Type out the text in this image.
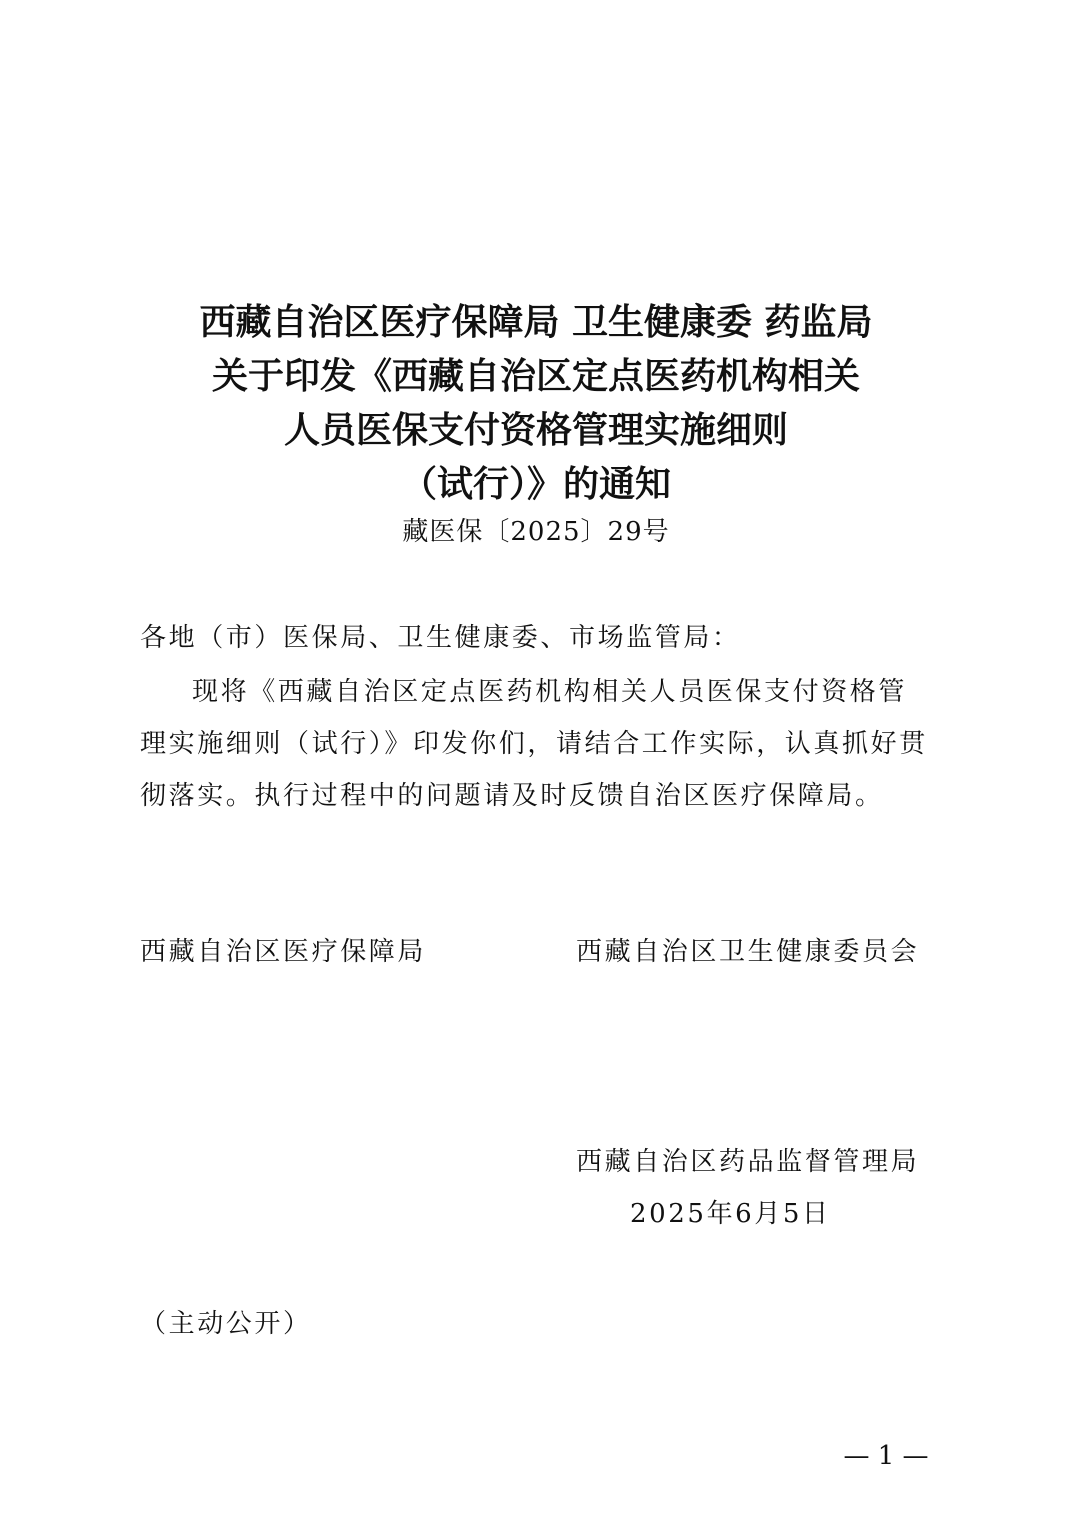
西藏自治区医疗保障局 卫生健康委 药监局
关于印发《西藏自治区定点医药机构相关
人员医保支付资格管理实施细则
（试行）》的通知
藏医保〔2025〕29号
各地（市）医保局、卫生健康委、市场监管局：
现将《西藏自治区定点医药机构相关人员医保支付资格管
理实施细则（试行）》印发你们，请结合工作实际，认真抓好贯
彻落实。执行过程中的问题请及时反馈自治区医疗保障局。
西藏自治区医疗保障局	西藏自治区卫生健康委员会
西藏自治区药品监督管理局
2025年6月5日
（主动公开）
— 1 —
